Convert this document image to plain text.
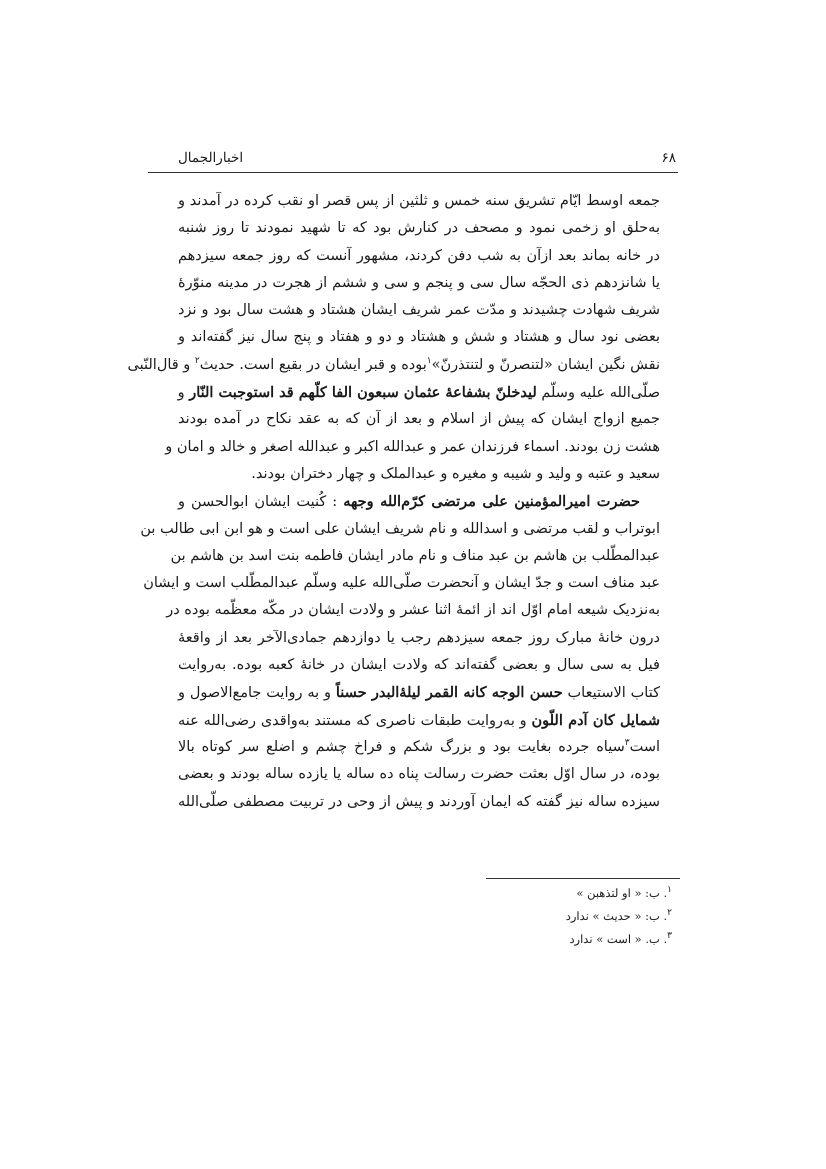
اخبارالجمال	۶۸
جمعه اوسط ایّام تشریق سنه خمس و ثلثین از پس قصر او نقب کرده در آمدند و
به‌حلق او زخمی نمود و مصحف در کنارش بود که تا شهید نمودند تا روز شنبه
در خانه بماند بعد ازآن به شب دفن کردند، مشهور آنست که روز جمعه سیزدهم
یا شانزدهم ذی الحجّه سال سی و پنجم و سی و ششم از هجرت در مدینه منوّرهٔ
شریف شهادت چشیدند و مدّت عمر شریف ایشان هشتاد و هشت سال بود و نزد
بعضی نود سال و هشتاد و شش و هشتاد و دو و هفتاد و پنج سال نیز گفته‌اند و
نقش نگین ایشان «لتنصرنّ و لتنتذرنّ»$^۱$بوده و قبر ایشان در بقیع است. حدیث$^۲$ و قال‌النّبی
صلّی‌الله علیه وسلّم لیدخلنّ بشفاعهٔ عثمان سبعون الفا کلّهم قد استوجبت النّار و
جمیع ازواج ایشان که پیش از اسلام و بعد از آن که به عقد نکاح در آمده بودند
هشت زن بودند. اسماء فرزندان عمر و عبدالله اکبر و عبدالله اصغر و خالد و امان و
سعید و عتبه و ولید و شیبه و مغیره و عبدالملک و چهار دختران بودند.
حضرت امیرالمؤمنین علی مرتضی کرّم‌الله وجهه : کُنیت ایشان ابوالحسن و
ابوتراب و لقب مرتضی و اسدالله و نام شریف ایشان علی است و هو ابن ابی طالب بن
عبدالمطّلب بن هاشم بن عبد مناف و نام مادر ایشان فاطمه بنت اسد بن هاشم بن
عبد مناف است و جدّ ایشان و آنحضرت صلّی‌الله علیه وسلّم عبدالمطّلب است و ایشان
به‌نزدیک شیعه امام اوّل اند از ائمهٔ اثنا عشر و ولادت ایشان در مکّه معظّمه بوده در
درون خانهٔ مبارک روز جمعه سیزدهم رجب یا دوازدهم جمادی‌الآخر بعد از واقعهٔ
فیل به سی سال و بعضی گفته‌اند که ولادت ایشان در خانهٔ کعبه بوده. به‌روایت
کتاب الاستیعاب حسن الوجه کانه القمر لیلهٔ‌البدر حسناً و به روایت جامع‌الاصول و
شمایل کان آدم اللّون و به‌روایت طبقات ناصری که مستند به‌واقدی رضی‌الله عنه
است$^۳$سیاه جرده بغایت بود و بزرگ شکم و فراخ چشم و اضلع سر کوتاه بالا
بوده، در سال اوّل بعثت حضرت رسالت پناه ده ساله یا یازده ساله بودند و بعضی
سیزده ساله نیز گفته که ایمان آوردند و پیش از وحی در تربیت مصطفی صلّی‌الله
$^۱$. ب: « او لتذهبن »
$^۲$. ب: « حدیث » ندارد
$^۳$. ب. « است » ندارد
